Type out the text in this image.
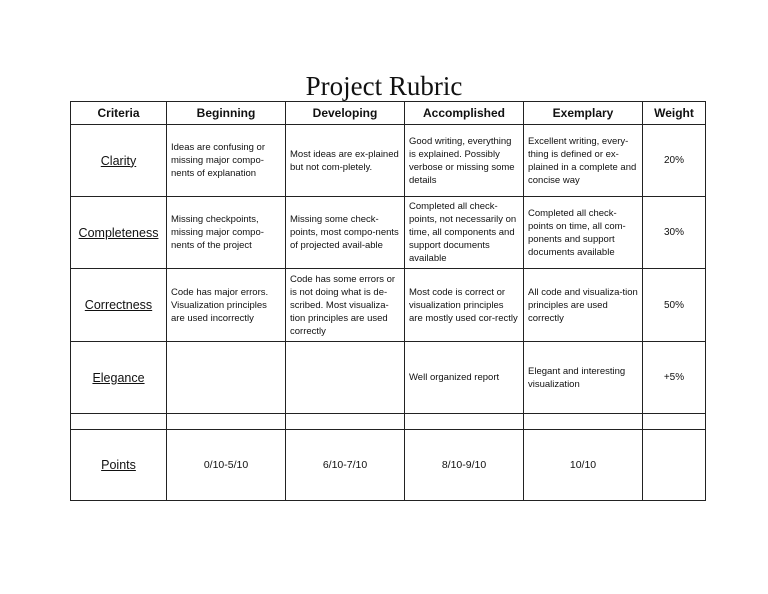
Project Rubric
Criteria	Beginning	Developing	Accomplished	Exemplary	Weight
Clarity	Ideas are confusing or missing major compo-nents of explanation	Most ideas are ex-plained but not com-pletely.	Good writing, everything is explained. Possibly verbose or missing some details	Excellent writing, every-thing is defined or ex-plained in a complete and concise way	20%
Completeness	Missing checkpoints, missing major compo-nents of the project	Missing some check-points, most compo-nents of projected avail-able	Completed all check-points, not necessarily on time, all components and support documents available	Completed all check-points on time, all com-ponents and support documents available	30%
Correctness	Code has major errors. Visualization principles are used incorrectly	Code has some errors or is not doing what is de-scribed. Most visualiza-tion principles are used correctly	Most code is correct or visualization principles are mostly used cor-rectly	All code and visualiza-tion principles are used correctly	50%
Elegance			Well organized report	Elegant and interesting visualization	+5%

Points	0/10-5/10	6/10-7/10	8/10-9/10	10/10	
